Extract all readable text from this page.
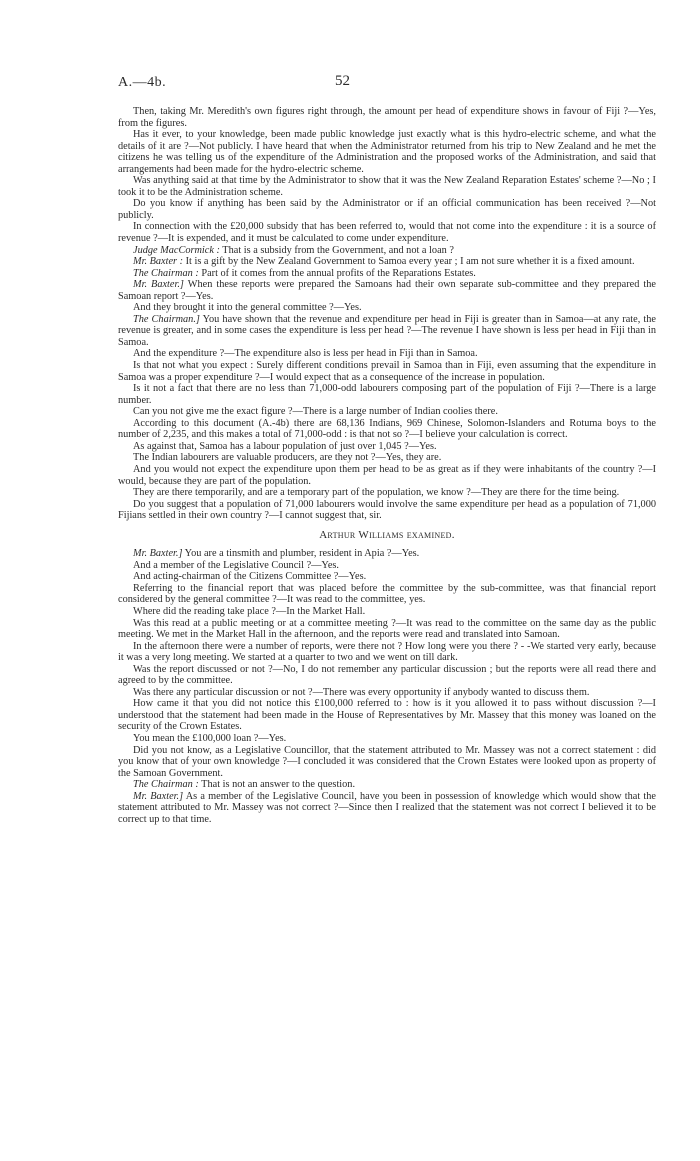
A.—4b.	52

Then, taking Mr. Meredith's own figures right through, the amount per head of expenditure shows in favour of Fiji ?—Yes, from the figures.

Has it ever, to your knowledge, been made public knowledge just exactly what is this hydro-electric scheme, and what the details of it are ?—Not publicly. I have heard that when the Administrator returned from his trip to New Zealand and he met the citizens he was telling us of the expenditure of the Administration and the proposed works of the Administration, and said that arrangements had been made for the hydro-electric scheme.

Was anything said at that time by the Administrator to show that it was the New Zealand Reparation Estates' scheme ?—No ; I took it to be the Administration scheme.

Do you know if anything has been said by the Administrator or if an official communication has been received ?—Not publicly.

In connection with the £20,000 subsidy that has been referred to, would that not come into the expenditure : it is a source of revenue ?—It is expended, and it must be calculated to come under expenditure.

Judge MacCormick : That is a subsidy from the Government, and not a loan ?

Mr. Baxter : It is a gift by the New Zealand Government to Samoa every year ; I am not sure whether it is a fixed amount.

The Chairman : Part of it comes from the annual profits of the Reparations Estates.

Mr. Baxter.] When these reports were prepared the Samoans had their own separate sub-committee and they prepared the Samoan report ?—Yes.

And they brought it into the general committee ?—Yes.

The Chairman.] You have shown that the revenue and expenditure per head in Fiji is greater than in Samoa—at any rate, the revenue is greater, and in some cases the expenditure is less per head ?—The revenue I have shown is less per head in Fiji than in Samoa.

And the expenditure ?—The expenditure also is less per head in Fiji than in Samoa.

Is that not what you expect : Surely different conditions prevail in Samoa than in Fiji, even assuming that the expenditure in Samoa was a proper expenditure ?—I would expect that as a consequence of the increase in population.

Is it not a fact that there are no less than 71,000-odd labourers composing part of the population of Fiji ?—There is a large number.

Can you not give me the exact figure ?—There is a large number of Indian coolies there.

According to this document (A.-4b) there are 68,136 Indians, 969 Chinese, Solomon-Islanders and Rotuma boys to the number of 2,235, and this makes a total of 71,000-odd : is that not so ?—I believe your calculation is correct.

As against that, Samoa has a labour population of just over 1,045 ?—Yes.

The Indian labourers are valuable producers, are they not ?—Yes, they are.

And you would not expect the expenditure upon them per head to be as great as if they were inhabitants of the country ?—I would, because they are part of the population.

They are there temporarily, and are a temporary part of the population, we know ?—They are there for the time being.

Do you suggest that a population of 71,000 labourers would involve the same expenditure per head as a population of 71,000 Fijians settled in their own country ?—I cannot suggest that, sir.

Arthur Williams examined.

Mr. Baxter.] You are a tinsmith and plumber, resident in Apia ?—Yes.

And a member of the Legislative Council ?—Yes.

And acting-chairman of the Citizens Committee ?—Yes.

Referring to the financial report that was placed before the committee by the sub-committee, was that financial report considered by the general committee ?—It was read to the committee, yes.

Where did the reading take place ?—In the Market Hall.

Was this read at a public meeting or at a committee meeting ?—It was read to the committee on the same day as the public meeting. We met in the Market Hall in the afternoon, and the reports were read and translated into Samoan.

In the afternoon there were a number of reports, were there not ? How long were you there ? - -We started very early, because it was a very long meeting. We started at a quarter to two and we went on till dark.

Was the report discussed or not ?—No, I do not remember any particular discussion ; but the reports were all read there and agreed to by the committee.

Was there any particular discussion or not ?—There was every opportunity if anybody wanted to discuss them.

How came it that you did not notice this £100,000 referred to : how is it you allowed it to pass without discussion ?—I understood that the statement had been made in the House of Representatives by Mr. Massey that this money was loaned on the security of the Crown Estates.

You mean the £100,000 loan ?—Yes.

Did you not know, as a Legislative Councillor, that the statement attributed to Mr. Massey was not a correct statement : did you know that of your own knowledge ?—I concluded it was considered that the Crown Estates were looked upon as property of the Samoan Government.

The Chairman : That is not an answer to the question.

Mr. Baxter.] As a member of the Legislative Council, have you been in possession of knowledge which would show that the statement attributed to Mr. Massey was not correct ?—Since then I realized that the statement was not correct I believed it to be correct up to that time.
